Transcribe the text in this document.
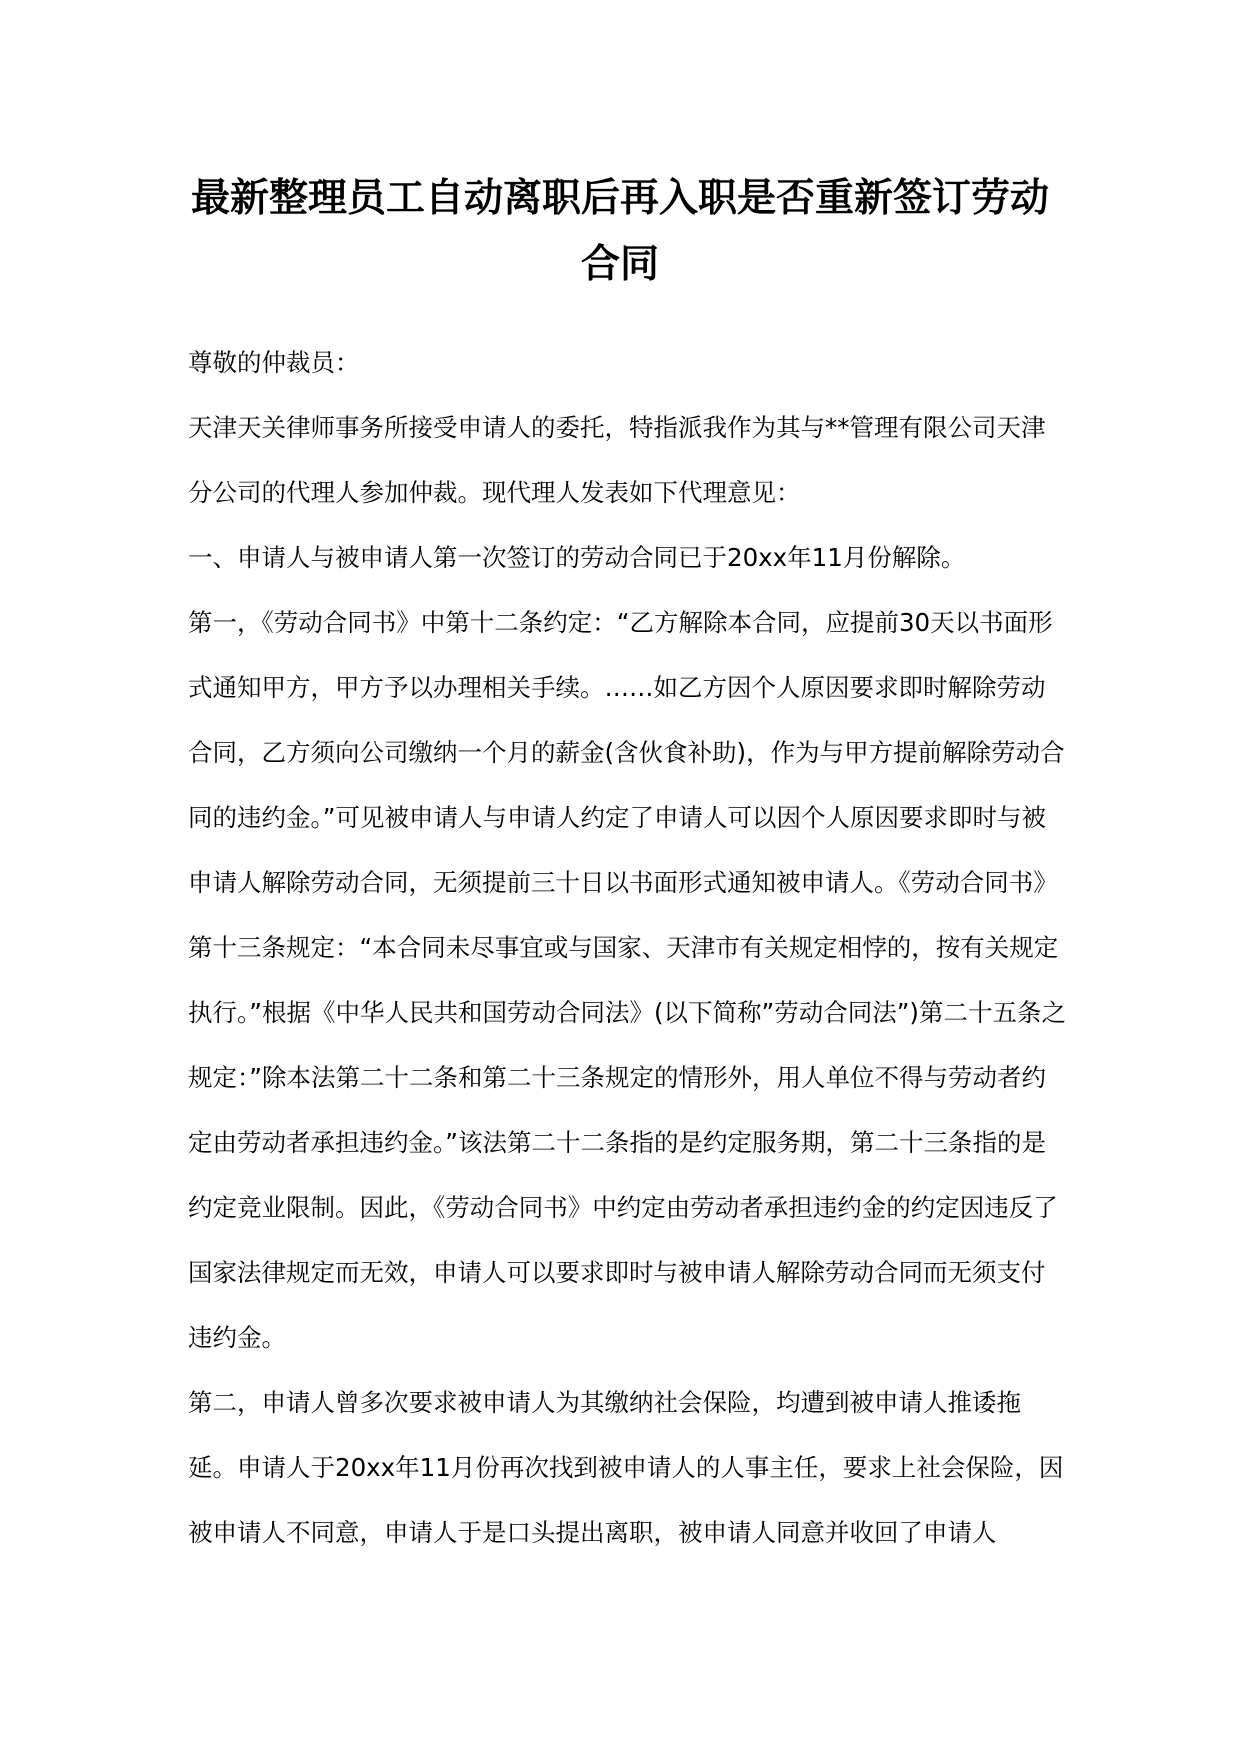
最新整理员工自动离职后再入职是否重新签订劳动合同

尊敬的仲裁员：

天津天关律师事务所接受申请人的委托，特指派我作为其与**管理有限公司天津分公司的代理人参加仲裁。现代理人发表如下代理意见：

一、申请人与被申请人第一次签订的劳动合同已于20xx年11月份解除。

第一，《劳动合同书》中第十二条约定：“乙方解除本合同，应提前30天以书面形式通知甲方，甲方予以办理相关手续。……如乙方因个人原因要求即时解除劳动合同，乙方须向公司缴纳一个月的薪金(含伙食补助)，作为与甲方提前解除劳动合同的违约金。”可见被申请人与申请人约定了申请人可以因个人原因要求即时与被申请人解除劳动合同，无须提前三十日以书面形式通知被申请人。《劳动合同书》第十三条规定：“本合同未尽事宜或与国家、天津市有关规定相悖的，按有关规定执行。”根据《中华人民共和国劳动合同法》(以下简称”劳动合同法”)第二十五条之规定：”除本法第二十二条和第二十三条规定的情形外，用人单位不得与劳动者约定由劳动者承担违约金。”该法第二十二条指的是约定服务期，第二十三条指的是约定竞业限制。因此，《劳动合同书》中约定由劳动者承担违约金的约定因违反了国家法律规定而无效，申请人可以要求即时与被申请人解除劳动合同而无须支付违约金。

第二，申请人曾多次要求被申请人为其缴纳社会保险，均遭到被申请人推诿拖延。申请人于20xx年11月份再次找到被申请人的人事主任，要求上社会保险，因被申请人不同意，申请人于是口头提出离职，被申请人同意并收回了申请人
